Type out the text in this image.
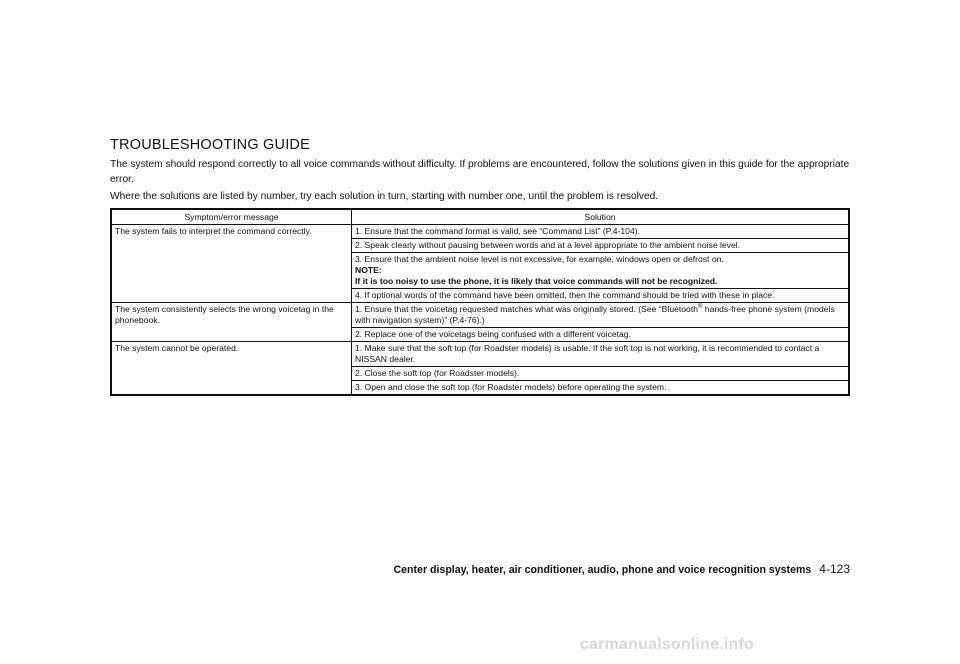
TROUBLESHOOTING GUIDE
The system should respond correctly to all voice commands without difficulty. If problems are encountered, follow the solutions given in this guide for the appropriate error.
Where the solutions are listed by number, try each solution in turn, starting with number one, until the problem is resolved.
Symptom/error message	Solution
The system fails to interpret the command correctly.	1. Ensure that the command format is valid, see “Command List” (P.4-104).
	2. Speak clearly without pausing between words and at a level appropriate to the ambient noise level.
	3. Ensure that the ambient noise level is not excessive, for example, windows open or defrost on.
NOTE:
If it is too noisy to use the phone, it is likely that voice commands will not be recognized.

	4. If optional words of the command have been omitted, then the command should be tried with these in place.
The system consistently selects the wrong voicetag in the phonebook.	1. Ensure that the voicetag requested matches what was originally stored. (See “Bluetooth® hands-free phone system (models with navigation system)” (P.4-76).)
	2. Replace one of the voicetags being confused with a different voicetag.
The system cannot be operated.	1. Make sure that the soft top (for Roadster models) is usable. If the soft top is not working, it is recommended to contact a NISSAN dealer.
	2. Close the soft top (for Roadster models).
	3. Open and close the soft top (for Roadster models) before operating the system.
Center display, heater, air conditioner, audio, phone and voice recognition systems 4-123
carmanualsonline.info
